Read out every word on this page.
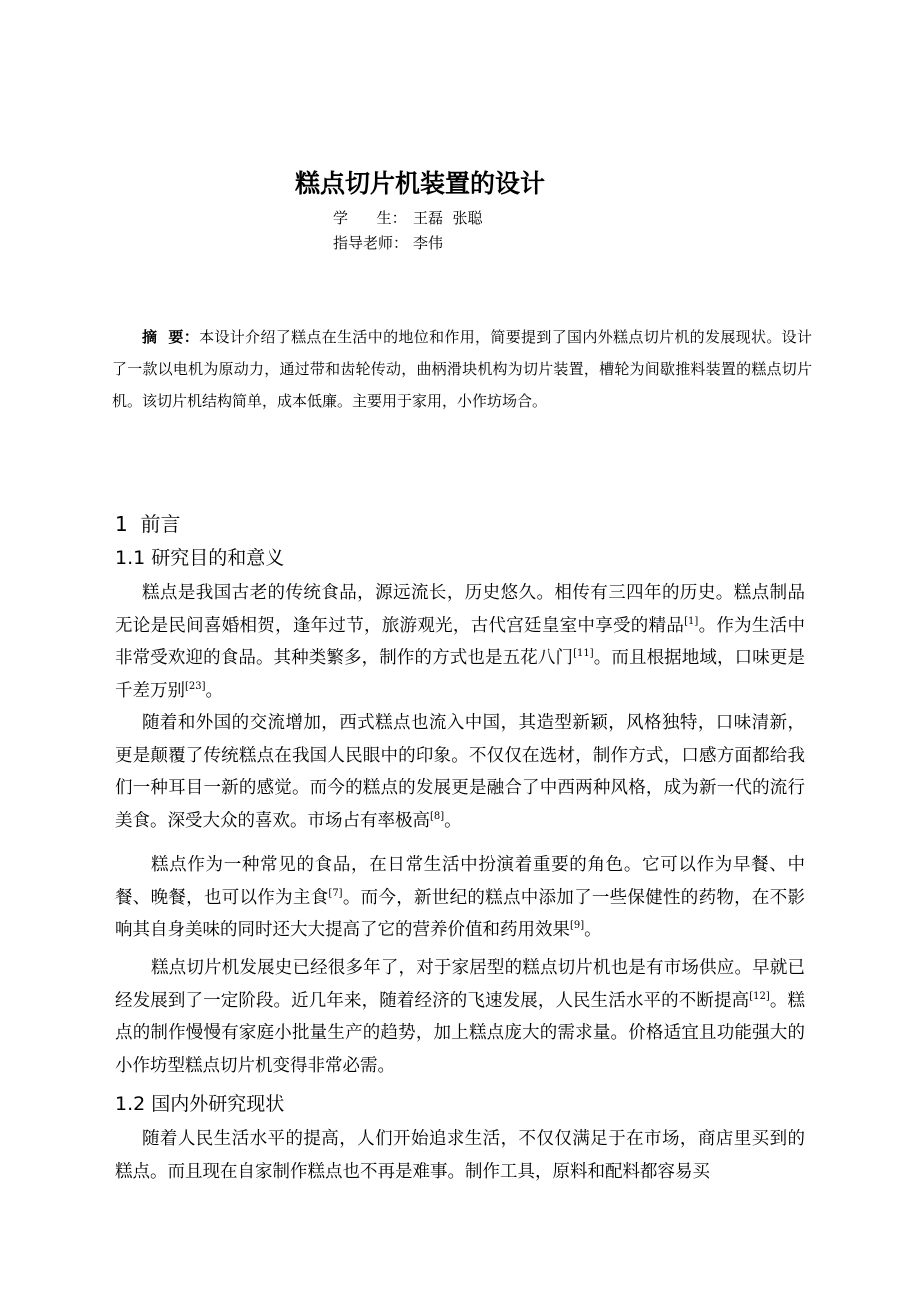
糕点切片机装置的设计
学      生： 王磊  张聪
指导老师： 李伟
摘  要：本设计介绍了糕点在生活中的地位和作用，简要提到了国内外糕点切片机的发展现状。设计了一款以电机为原动力，通过带和齿轮传动，曲柄滑块机构为切片装置，槽轮为间歇推料装置的糕点切片机。该切片机结构简单，成本低廉。主要用于家用，小作坊场合。
1  前言
1.1 研究目的和意义
糕点是我国古老的传统食品，源远流长，历史悠久。相传有三四年的历史。糕点制品无论是民间喜婚相贺，逢年过节，旅游观光，古代宫廷皇室中享受的精品[1]。作为生活中非常受欢迎的食品。其种类繁多，制作的方式也是五花八门[11]。而且根据地域，口味更是千差万别[23]。
随着和外国的交流增加，西式糕点也流入中国，其造型新颖，风格独特，口味清新，更是颠覆了传统糕点在我国人民眼中的印象。不仅仅在选材，制作方式，口感方面都给我们一种耳目一新的感觉。而今的糕点的发展更是融合了中西两种风格，成为新一代的流行美食。深受大众的喜欢。市场占有率极高[8]。
糕点作为一种常见的食品，在日常生活中扮演着重要的角色。它可以作为早餐、中餐、晚餐，也可以作为主食[7]。而今，新世纪的糕点中添加了一些保健性的药物，在不影响其自身美味的同时还大大提高了它的营养价值和药用效果[9]。
糕点切片机发展史已经很多年了，对于家居型的糕点切片机也是有市场供应。早就已经发展到了一定阶段。近几年来，随着经济的飞速发展，人民生活水平的不断提高[12]。糕点的制作慢慢有家庭小批量生产的趋势，加上糕点庞大的需求量。价格适宜且功能强大的小作坊型糕点切片机变得非常必需。
1.2 国内外研究现状
随着人民生活水平的提高，人们开始追求生活，不仅仅满足于在市场，商店里买到的糕点。而且现在自家制作糕点也不再是难事。制作工具，原料和配料都容易买
